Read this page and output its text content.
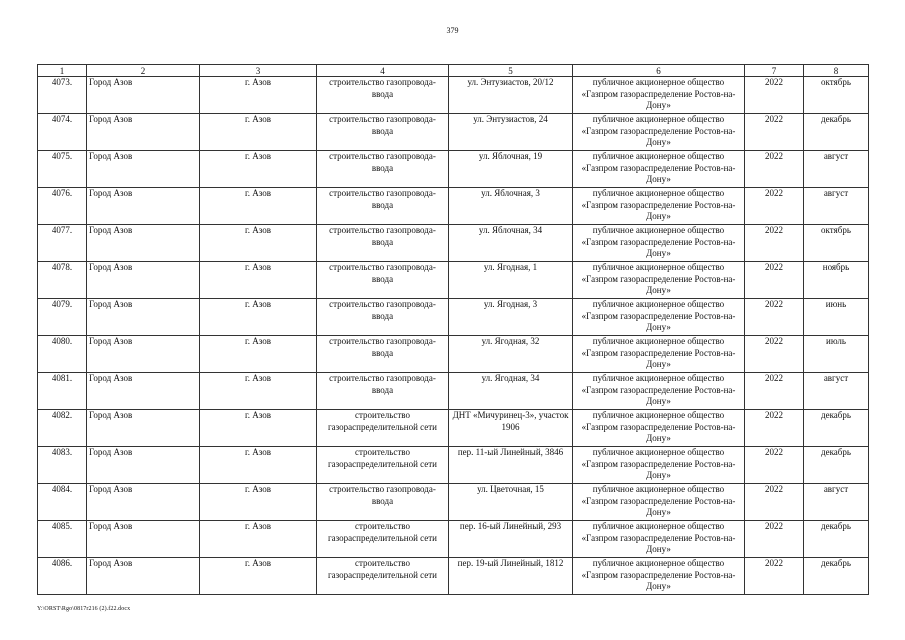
379
1	2	3	4	5	6	7	8
4073.	Город Азов	г. Азов	строительство газопровода-ввода	ул. Энтузиастов, 20/12	публичное акционерное общество «Газпром газораспределение Ростов-на-Дону»	2022	октябрь
4074.	Город Азов	г. Азов	строительство газопровода-ввода	ул. Энтузиастов, 24	публичное акционерное общество «Газпром газораспределение Ростов-на-Дону»	2022	декабрь
4075.	Город Азов	г. Азов	строительство газопровода-ввода	ул. Яблочная, 19	публичное акционерное общество «Газпром газораспределение Ростов-на-Дону»	2022	август
4076.	Город Азов	г. Азов	строительство газопровода-ввода	ул. Яблочная, 3	публичное акционерное общество «Газпром газораспределение Ростов-на-Дону»	2022	август
4077.	Город Азов	г. Азов	строительство газопровода-ввода	ул. Яблочная, 34	публичное акционерное общество «Газпром газораспределение Ростов-на-Дону»	2022	октябрь
4078.	Город Азов	г. Азов	строительство газопровода-ввода	ул. Ягодная, 1	публичное акционерное общество «Газпром газораспределение Ростов-на-Дону»	2022	ноябрь
4079.	Город Азов	г. Азов	строительство газопровода-ввода	ул. Ягодная, 3	публичное акционерное общество «Газпром газораспределение Ростов-на-Дону»	2022	июнь
4080.	Город Азов	г. Азов	строительство газопровода-ввода	ул. Ягодная, 32	публичное акционерное общество «Газпром газораспределение Ростов-на-Дону»	2022	июль
4081.	Город Азов	г. Азов	строительство газопровода-ввода	ул. Ягодная, 34	публичное акционерное общество «Газпром газораспределение Ростов-на-Дону»	2022	август
4082.	Город Азов	г. Азов	строительство газораспределительной сети	ДНТ «Мичуринец-3», участок 1906	публичное акционерное общество «Газпром газораспределение Ростов-на-Дону»	2022	декабрь
4083.	Город Азов	г. Азов	строительство газораспределительной сети	пер. 11-ый Линейный, 3846	публичное акционерное общество «Газпром газораспределение Ростов-на-Дону»	2022	декабрь
4084.	Город Азов	г. Азов	строительство газопровода-ввода	ул. Цветочная, 15	публичное акционерное общество «Газпром газораспределение Ростов-на-Дону»	2022	август
4085.	Город Азов	г. Азов	строительство газораспределительной сети	пер. 16-ый Линейный, 293	публичное акционерное общество «Газпром газораспределение Ростов-на-Дону»	2022	декабрь
4086.	Город Азов	г. Азов	строительство газораспределительной сети	пер. 19-ый Линейный, 1812	публичное акционерное общество «Газпром газораспределение Ростов-на-Дону»	2022	декабрь
Y:\ORST\Rgo\0817r216 (2).f22.docx
